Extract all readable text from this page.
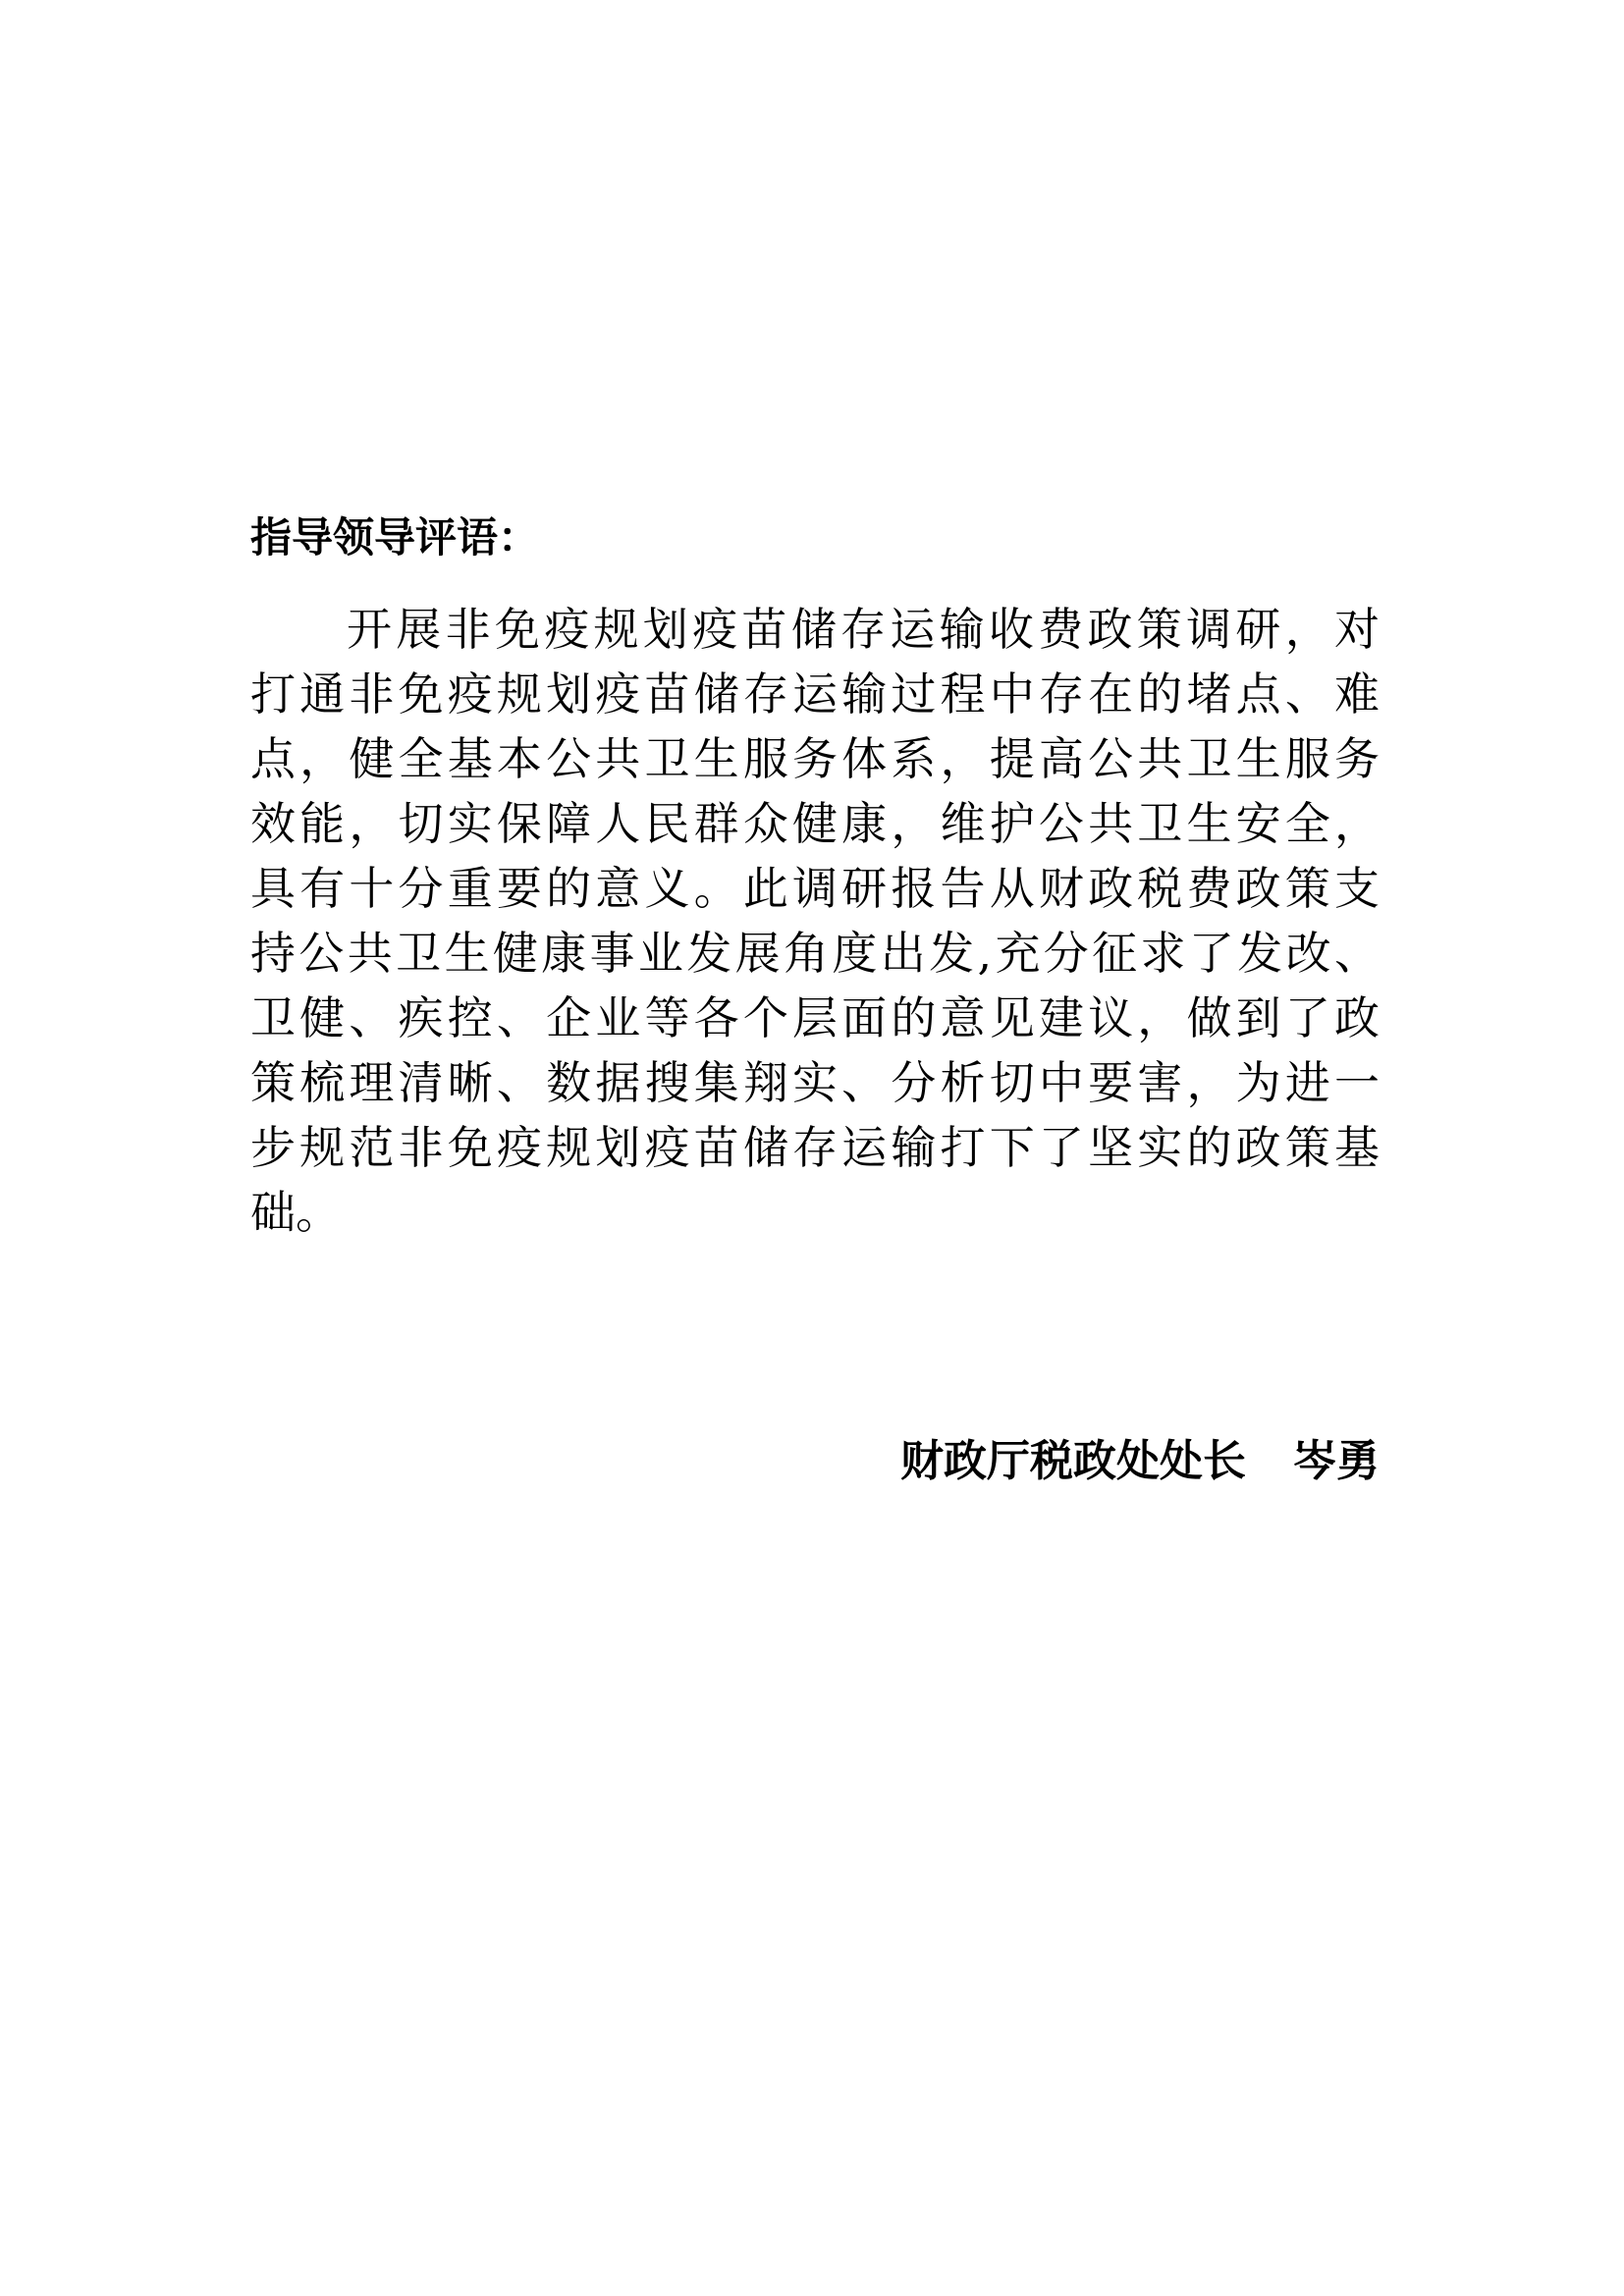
指导领导评语：
开展非免疫规划疫苗储存运输收费政策调研，对
打通非免疫规划疫苗储存运输过程中存在的堵点、难
点，健全基本公共卫生服务体系，提高公共卫生服务
效能，切实保障人民群众健康，维护公共卫生安全，
具有十分重要的意义。此调研报告从财政税费政策支
持公共卫生健康事业发展角度出发,充分征求了发改、
卫健、疾控、企业等各个层面的意见建议，做到了政
策梳理清晰、数据搜集翔实、分析切中要害，为进一
步规范非免疫规划疫苗储存运输打下了坚实的政策基
础。
财政厅税政处处长 岑勇
